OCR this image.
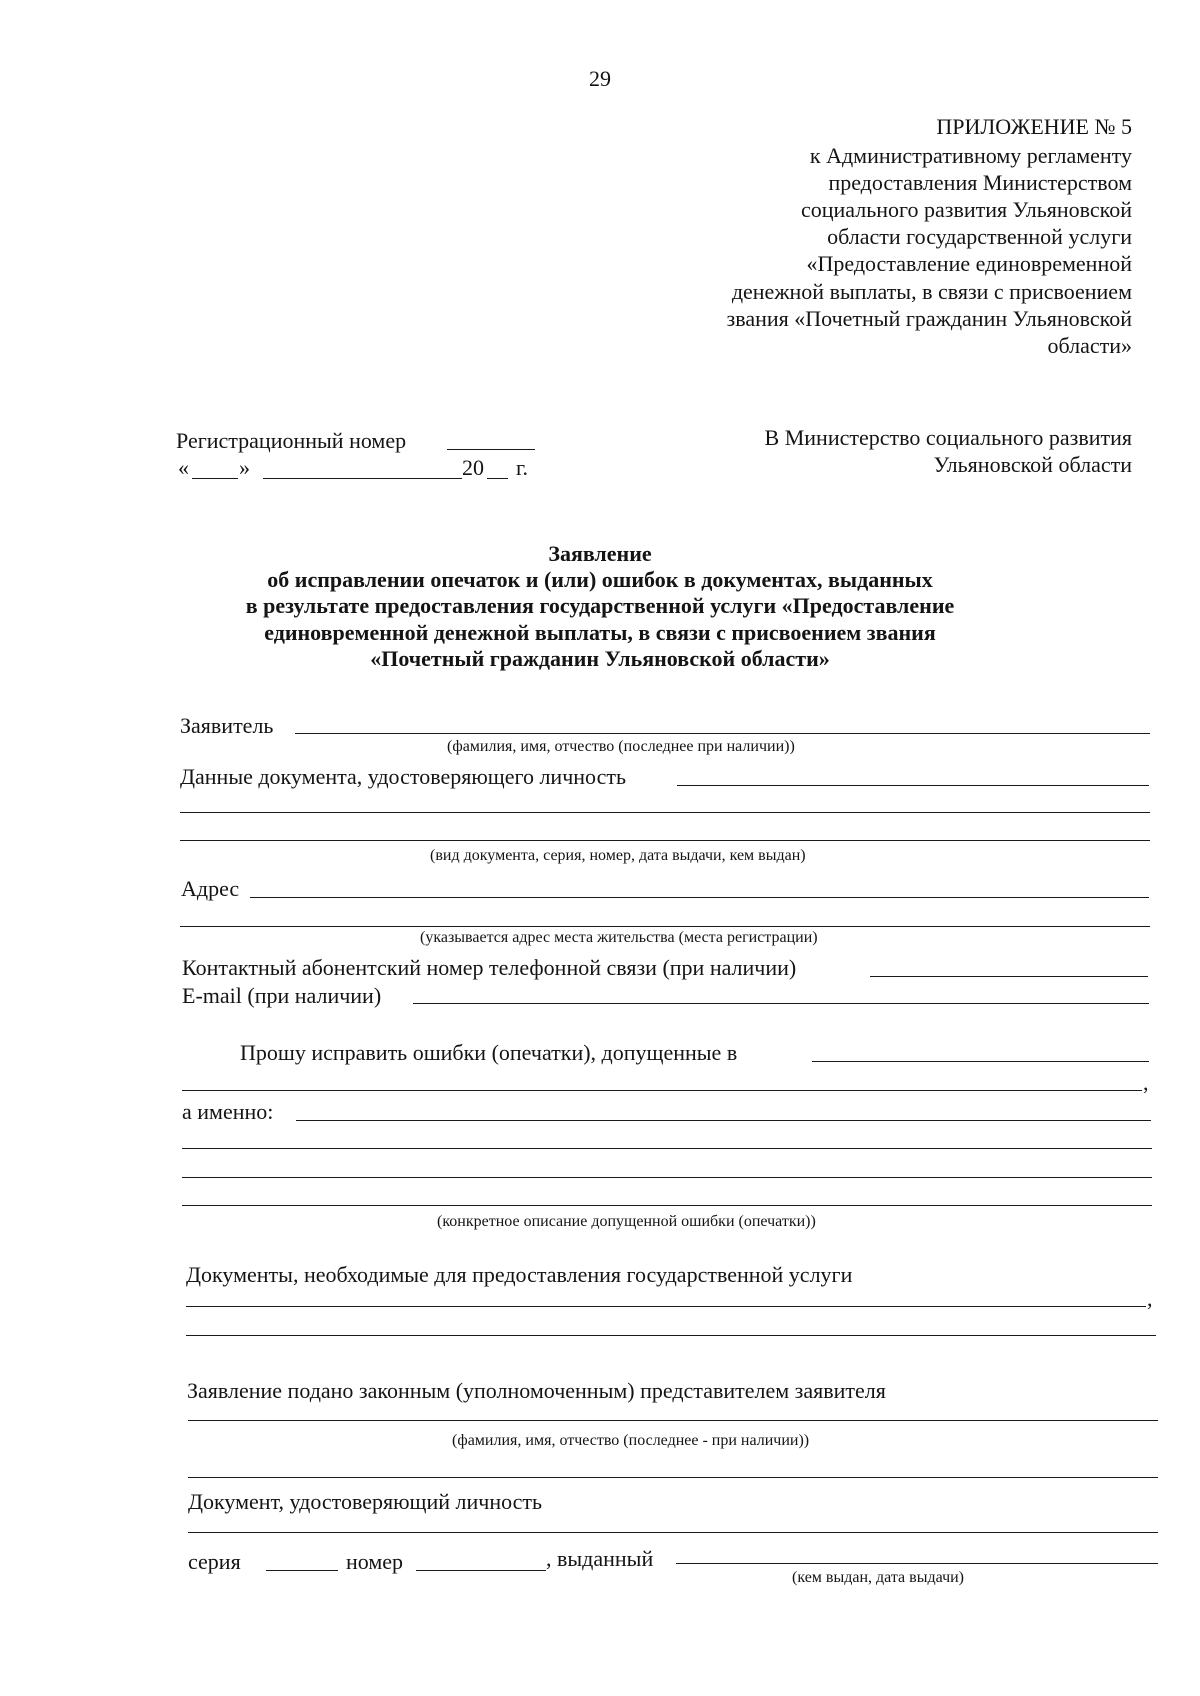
29
ПРИЛОЖЕНИЕ № 5
к Административному регламенту
предоставления Министерством
социального развития Ульяновской
области государственной услуги
«Предоставление единовременной
денежной выплаты, в связи с присвоением
звания «Почетный гражданин Ульяновской
области»
Регистрационный номер
« »	20 г.
В Министерство социального развития
Ульяновской области
Заявление
об исправлении опечаток и (или) ошибок в документах, выданных
в результате предоставления государственной услуги «Предоставление
единовременной денежной выплаты, в связи с присвоением звания
«Почетный гражданин Ульяновской области»
Заявитель
(фамилия, имя, отчество (последнее при наличии))
Данные документа, удостоверяющего личность
(вид документа, серия, номер, дата выдачи, кем выдан)
Адрес
(указывается адрес места жительства (места регистрации)
Контактный абонентский номер телефонной связи (при наличии)
E-mail (при наличии)
Прошу исправить ошибки (опечатки), допущенные в
,
а именно:
(конкретное описание допущенной ошибки (опечатки))
Документы, необходимые для предоставления государственной услуги
,
Заявление подано законным (уполномоченным) представителем заявителя
(фамилия, имя, отчество (последнее - при наличии))
Документ, удостоверяющий личность
серия	номер	, выданный
(кем выдан, дата выдачи)
